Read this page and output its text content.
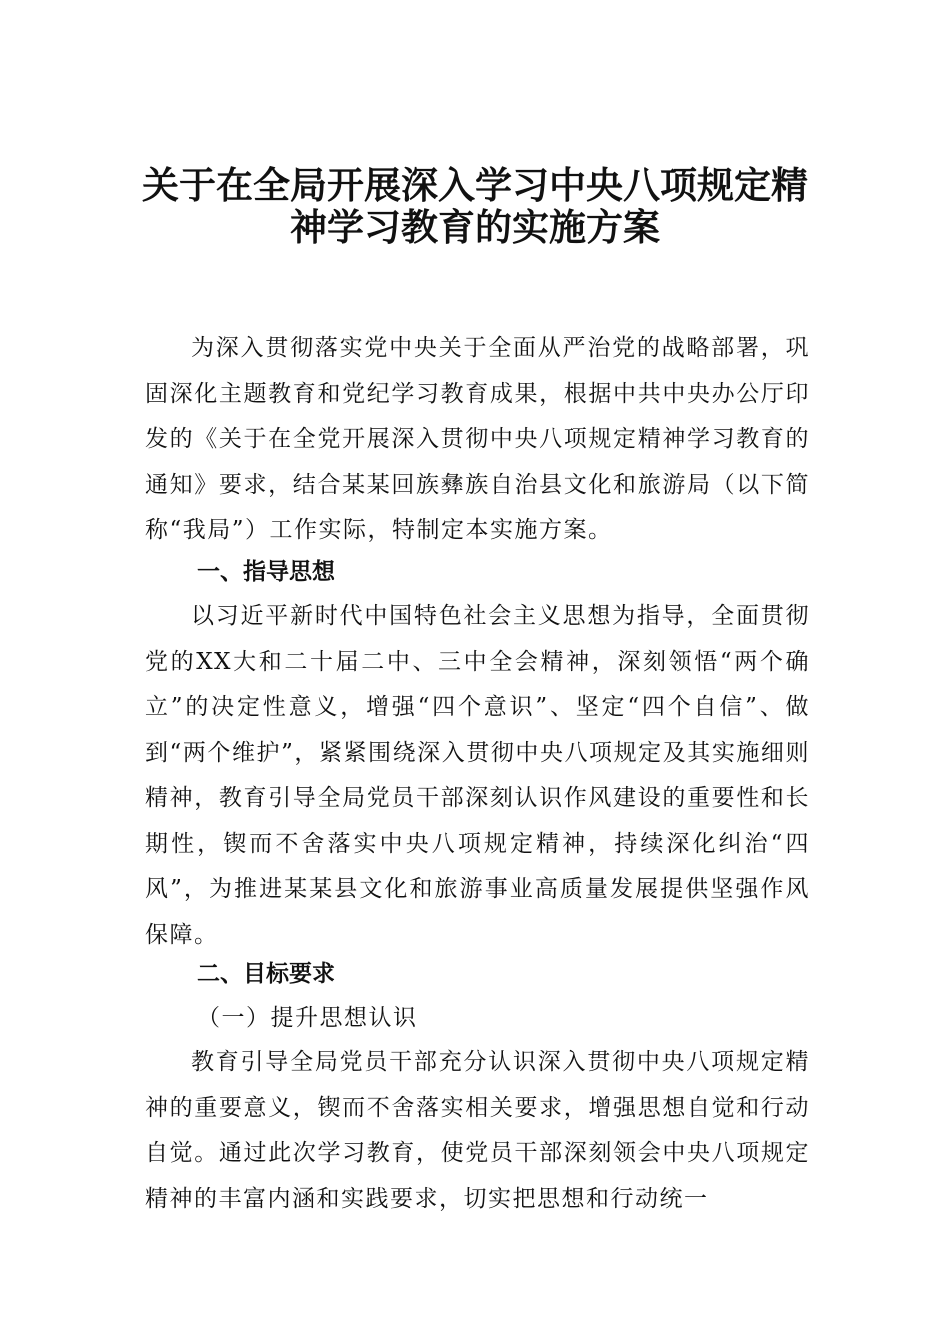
关于在全局开展深入学习中央八项规定精
神学习教育的实施方案
为深入贯彻落实党中央关于全面从严治党的战略部署，巩固深化主题教育和党纪学习教育成果，根据中共中央办公厅印发的《关于在全党开展深入贯彻中央八项规定精神学习教育的通知》要求，结合某某回族彝族自治县文化和旅游局（以下简称“我局”）工作实际，特制定本实施方案。
一、指导思想
以习近平新时代中国特色社会主义思想为指导，全面贯彻党的XX大和二十届二中、三中全会精神，深刻领悟“两个确立”的决定性意义，增强“四个意识”、坚定“四个自信”、做到“两个维护”，紧紧围绕深入贯彻中央八项规定及其实施细则精神，教育引导全局党员干部深刻认识作风建设的重要性和长期性，锲而不舍落实中央八项规定精神，持续深化纠治“四风”，为推进某某县文化和旅游事业高质量发展提供坚强作风保障。
二、目标要求
（一）提升思想认识
教育引导全局党员干部充分认识深入贯彻中央八项规定精神的重要意义，锲而不舍落实相关要求，增强思想自觉和行动自觉。通过此次学习教育，使党员干部深刻领会中央八项规定精神的丰富内涵和实践要求，切实把思想和行动统一
